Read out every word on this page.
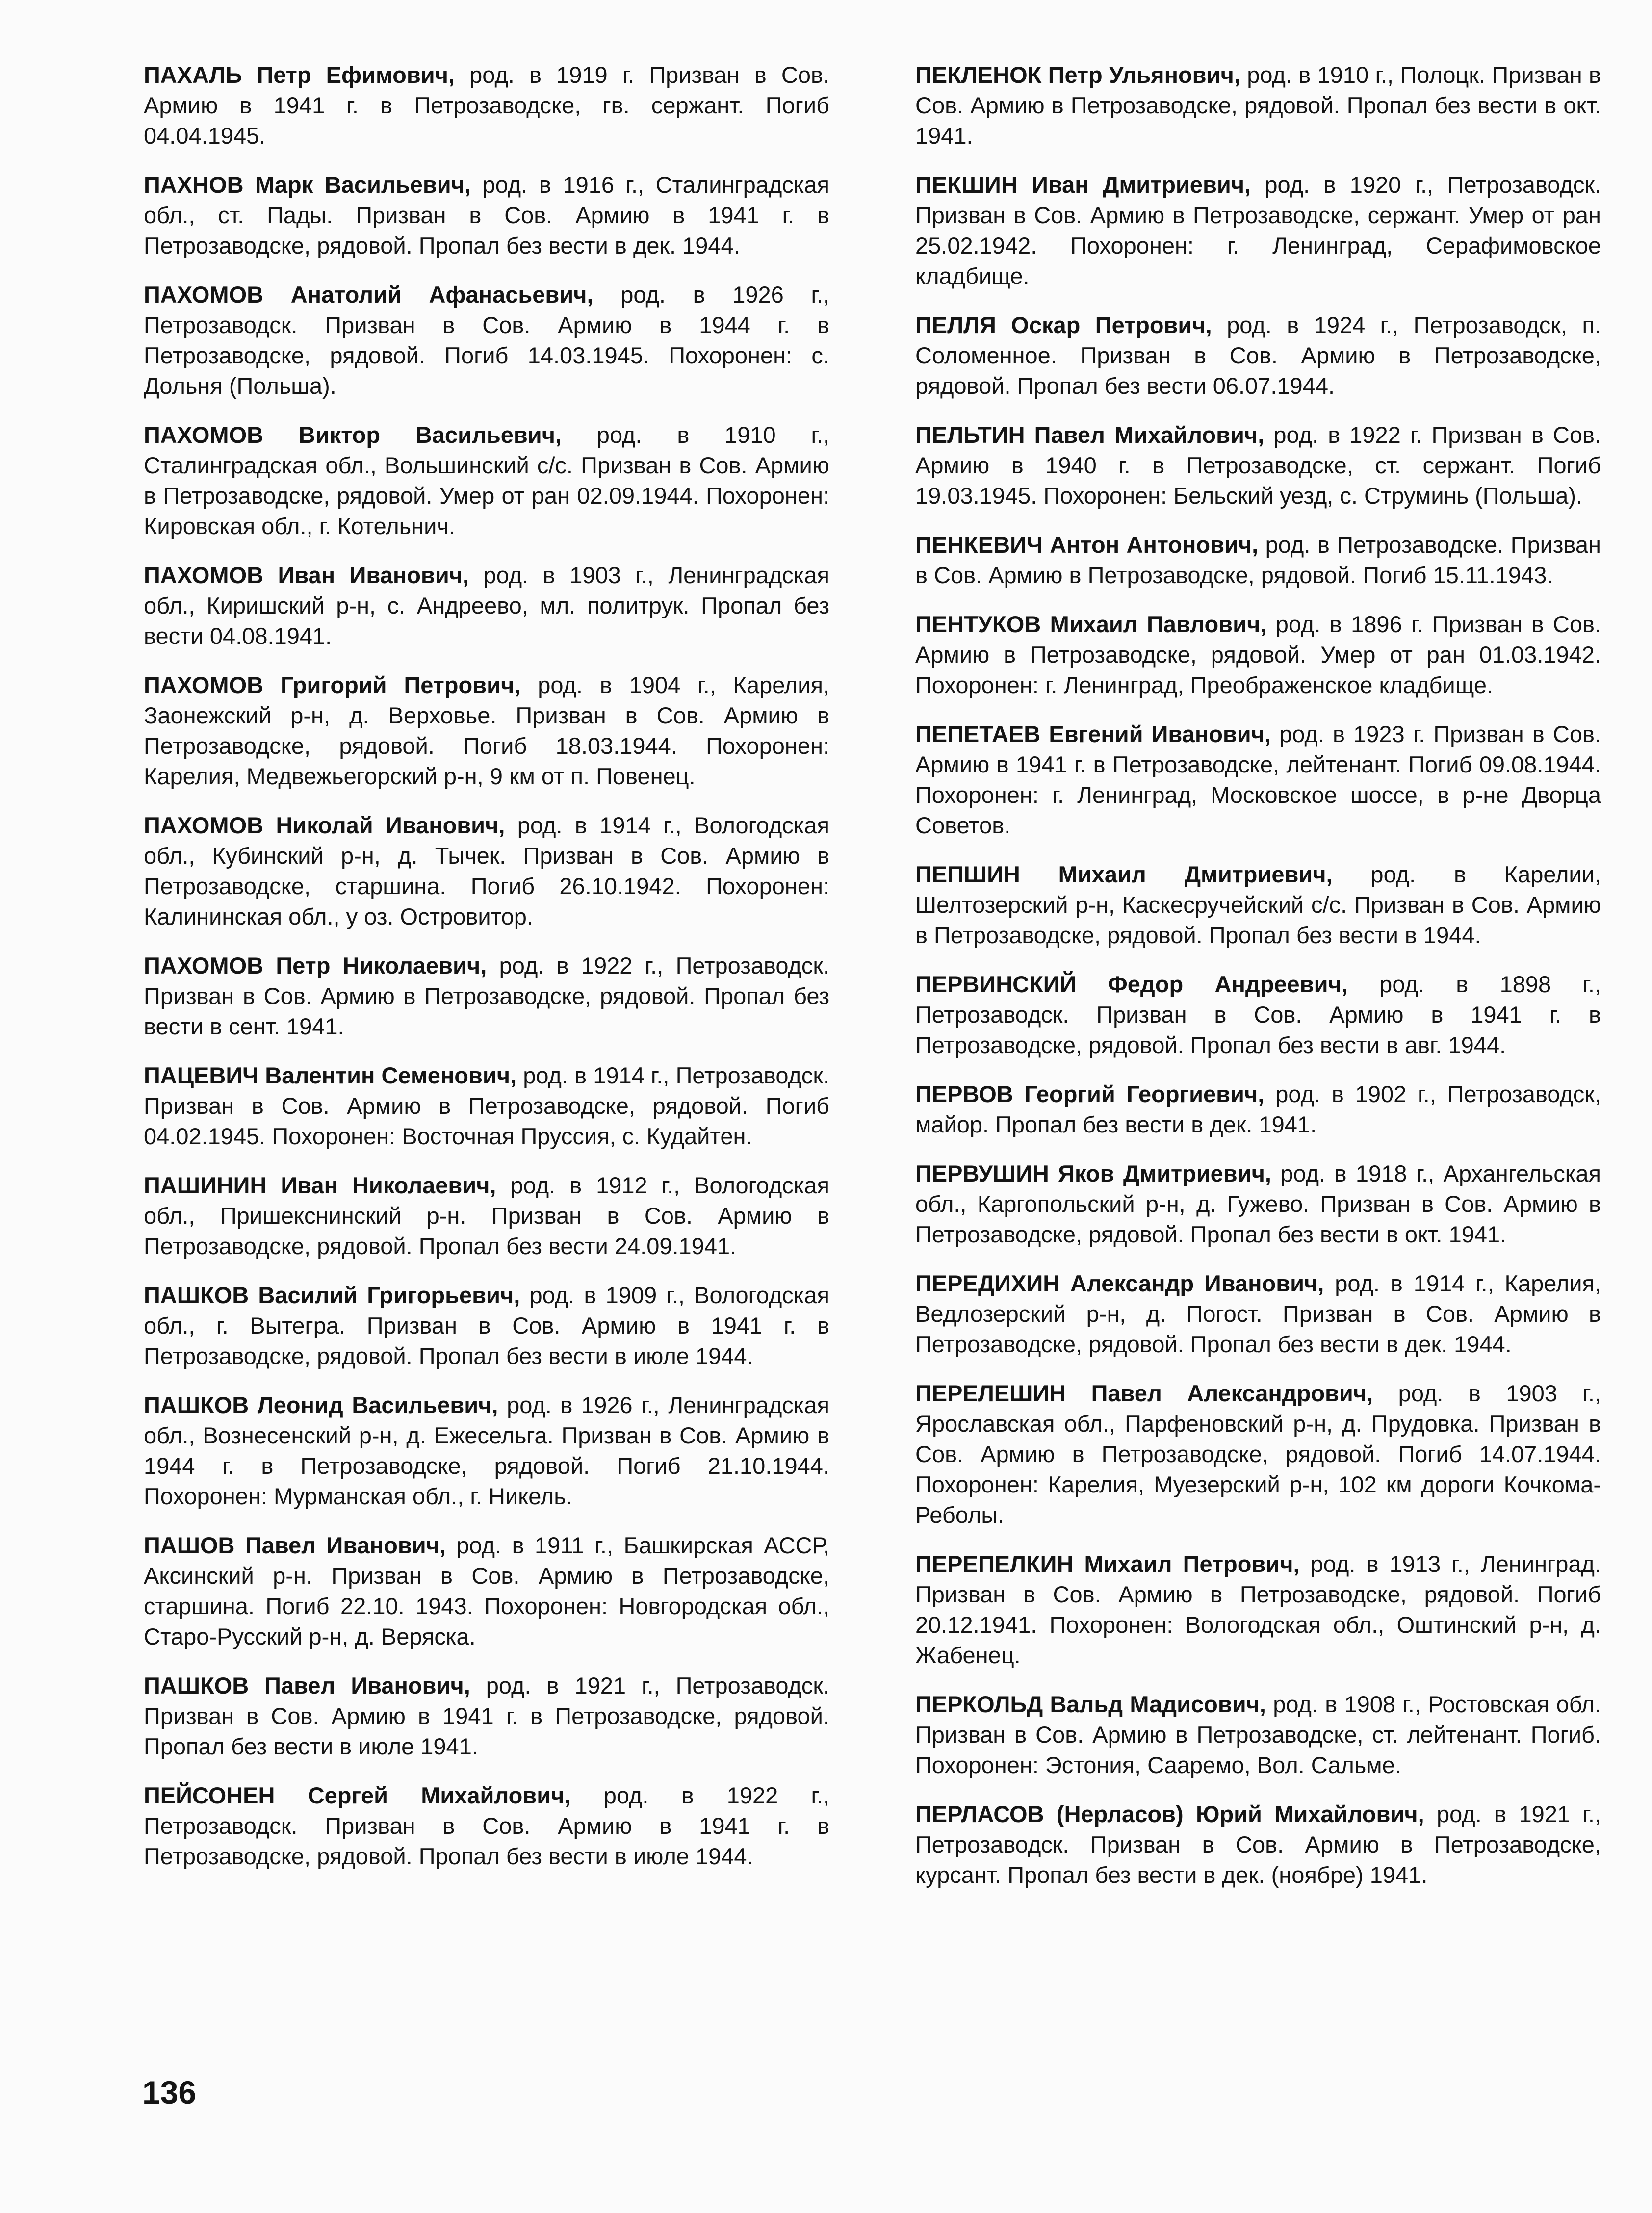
ПАХАЛЬ Петр Ефимович, род. в 1919 г. Призван в Сов. Армию в 1941 г. в Петрозаводске, гв. сержант. Погиб 04.04.1945.

ПАХНОВ Марк Васильевич, род. в 1916 г., Сталинградская обл., ст. Пады. Призван в Сов. Армию в 1941 г. в Петрозаводске, рядовой. Пропал без вести в дек. 1944.

ПАХОМОВ Анатолий Афанасьевич, род. в 1926 г., Петрозаводск. Призван в Сов. Армию в 1944 г. в Петрозаводске, рядовой. Погиб 14.03.1945. Похоронен: с. Дольня (Польша).

ПАХОМОВ Виктор Васильевич, род. в 1910 г., Сталинградская обл., Вольшинский с/с. Призван в Сов. Армию в Петрозаводске, рядовой. Умер от ран 02.09.1944. Похоронен: Кировская обл., г. Котельнич.

ПАХОМОВ Иван Иванович, род. в 1903 г., Ленинградская обл., Киришский р-н, с. Андреево, мл. политрук. Пропал без вести 04.08.1941.

ПАХОМОВ Григорий Петрович, род. в 1904 г., Карелия, Заонежский р-н, д. Верховье. Призван в Сов. Армию в Петрозаводске, рядовой. Погиб 18.03.1944. Похоронен: Карелия, Медвежьегорский р-н, 9 км от п. Повенец.

ПАХОМОВ Николай Иванович, род. в 1914 г., Вологодская обл., Кубинский р-н, д. Тычек. Призван в Сов. Армию в Петрозаводске, старшина. Погиб 26.10.1942. Похоронен: Калининская обл., у оз. Островитор.

ПАХОМОВ Петр Николаевич, род. в 1922 г., Петрозаводск. Призван в Сов. Армию в Петрозаводске, рядовой. Пропал без вести в сент. 1941.

ПАЦЕВИЧ Валентин Семенович, род. в 1914 г., Петрозаводск. Призван в Сов. Армию в Петрозаводске, рядовой. Погиб 04.02.1945. Похоронен: Восточная Пруссия, с. Кудайтен.

ПАШИНИН Иван Николаевич, род. в 1912 г., Вологодская обл., Пришекснинский р-н. Призван в Сов. Армию в Петрозаводске, рядовой. Пропал без вести 24.09.1941.

ПАШКОВ Василий Григорьевич, род. в 1909 г., Вологодская обл., г. Вытегра. Призван в Сов. Армию в 1941 г. в Петрозаводске, рядовой. Пропал без вести в июле 1944.

ПАШКОВ Леонид Васильевич, род. в 1926 г., Ленинградская обл., Вознесенский р-н, д. Ежесельга. Призван в Сов. Армию в 1944 г. в Петрозаводске, рядовой. Погиб 21.10.1944. Похоронен: Мурманская обл., г. Никель.

ПАШОВ Павел Иванович, род. в 1911 г., Башкирская АССР, Аксинский р-н. Призван в Сов. Армию в Петрозаводске, старшина. Погиб 22.10. 1943. Похоронен: Новгородская обл., Старо-Русский р-н, д. Веряска.

ПАШКОВ Павел Иванович, род. в 1921 г., Петрозаводск. Призван в Сов. Армию в 1941 г. в Петрозаводске, рядовой. Пропал без вести в июле 1941.

ПЕЙСОНЕН Сергей Михайлович, род. в 1922 г., Петрозаводск. Призван в Сов. Армию в 1941 г. в Петрозаводске, рядовой. Пропал без вести в июле 1944.

ПЕКЛЕНОК Петр Ульянович, род. в 1910 г., Полоцк. Призван в Сов. Армию в Петрозаводске, рядовой. Пропал без вести в окт. 1941.

ПЕКШИН Иван Дмитриевич, род. в 1920 г., Петрозаводск. Призван в Сов. Армию в Петрозаводске, сержант. Умер от ран 25.02.1942. Похоронен: г. Ленинград, Серафимовское кладбище.

ПЕЛЛЯ Оскар Петрович, род. в 1924 г., Петрозаводск, п. Соломенное. Призван в Сов. Армию в Петрозаводске, рядовой. Пропал без вести 06.07.1944.

ПЕЛЬТИН Павел Михайлович, род. в 1922 г. Призван в Сов. Армию в 1940 г. в Петрозаводске, ст. сержант. Погиб 19.03.1945. Похоронен: Бельский уезд, с. Струминь (Польша).

ПЕНКЕВИЧ Антон Антонович, род. в Петрозаводске. Призван в Сов. Армию в Петрозаводске, рядовой. Погиб 15.11.1943.

ПЕНТУКОВ Михаил Павлович, род. в 1896 г. Призван в Сов. Армию в Петрозаводске, рядовой. Умер от ран 01.03.1942. Похоронен: г. Ленинград, Преображенское кладбище.

ПЕПЕТАЕВ Евгений Иванович, род. в 1923 г. Призван в Сов. Армию в 1941 г. в Петрозаводске, лейтенант. Погиб 09.08.1944. Похоронен: г. Ленинград, Московское шоссе, в р-не Дворца Советов.

ПЕПШИН Михаил Дмитриевич, род. в Карелии, Шелтозерский р-н, Каскесручейский с/с. Призван в Сов. Армию в Петрозаводске, рядовой. Пропал без вести в 1944.

ПЕРВИНСКИЙ Федор Андреевич, род. в 1898 г., Петрозаводск. Призван в Сов. Армию в 1941 г. в Петрозаводске, рядовой. Пропал без вести в авг. 1944.

ПЕРВОВ Георгий Георгиевич, род. в 1902 г., Петрозаводск, майор. Пропал без вести в дек. 1941.

ПЕРВУШИН Яков Дмитриевич, род. в 1918 г., Архангельская обл., Каргопольский р-н, д. Гужево. Призван в Сов. Армию в Петрозаводске, рядовой. Пропал без вести в окт. 1941.

ПЕРЕДИХИН Александр Иванович, род. в 1914 г., Карелия, Ведлозерский р-н, д. Погост. Призван в Сов. Армию в Петрозаводске, рядовой. Пропал без вести в дек. 1944.

ПЕРЕЛЕШИН Павел Александрович, род. в 1903 г., Ярославская обл., Парфеновский р-н, д. Прудовка. Призван в Сов. Армию в Петрозаводске, рядовой. Погиб 14.07.1944. Похоронен: Карелия, Муезерский р-н, 102 км дороги Кочкома-Реболы.

ПЕРЕПЕЛКИН Михаил Петрович, род. в 1913 г., Ленинград. Призван в Сов. Армию в Петрозаводске, рядовой. Погиб 20.12.1941. Похоронен: Вологодская обл., Оштинский р-н, д. Жабенец.

ПЕРКОЛЬД Вальд Мадисович, род. в 1908 г., Ростовская обл. Призван в Сов. Армию в Петрозаводске, ст. лейтенант. Погиб. Похоронен: Эстония, Сааремо, Вол. Сальме.

ПЕРЛАСОВ (Нерласов) Юрий Михайлович, род. в 1921 г., Петрозаводск. Призван в Сов. Армию в Петрозаводске, курсант. Пропал без вести в дек. (ноябре) 1941.

136
